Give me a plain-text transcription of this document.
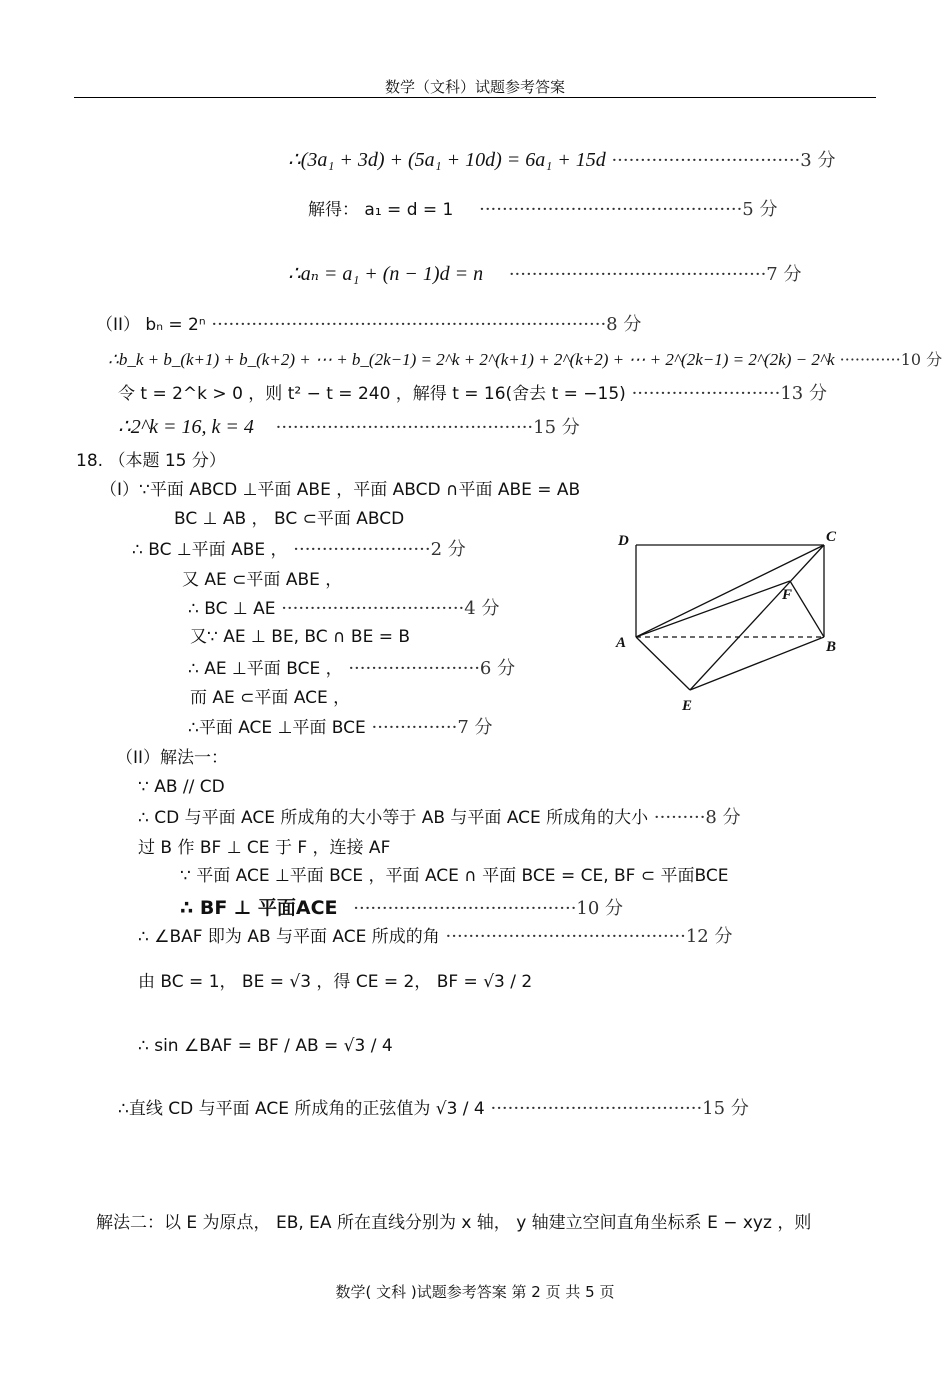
数学（文科）试题参考答案
∴(3a₁ + 3d) + (5a₁ + 10d) = 6a₁ + 15d ·································3 分
解得： a₁ = d = 1 ··············································5 分
∴aₙ = a₁ + (n − 1)d = n ·············································7 分
（II） bₙ = 2ⁿ ·····································································8 分
∴b_k + b_(k+1) + b_(k+2) + ⋯ + b_(2k−1) = 2^k + 2^(k+1) + 2^(k+2) + ⋯ + 2^(2k−1) = 2^(2k) − 2^k ············10 分
令 t = 2^k > 0 ，则 t² − t = 240 ，解得 t = 16(舍去 t = −15) ··························13 分
∴2^k = 16, k = 4 ·············································15 分
18. （本题 15 分）
（I）∵平面 ABCD ⊥平面 ABE ，平面 ABCD ∩平面 ABE = AB
BC ⊥ AB ， BC ⊂平面 ABCD
∴ BC ⊥平面 ABE ， ························2 分
又 AE ⊂平面 ABE ，
∴ BC ⊥ AE ································4 分
又∵ AE ⊥ BE, BC ∩ BE = B
∴ AE ⊥平面 BCE ， ·······················6 分
而 AE ⊂平面 ACE ，
∴平面 ACE ⊥平面 BCE ···············7 分
（II）解法一：
∵ AB // CD
∴ CD 与平面 ACE 所成角的大小等于 AB 与平面 ACE 所成角的大小 ·········8 分
过 B 作 BF ⊥ CE 于 F ，连接 AF
∵ 平面 ACE ⊥平面 BCE ，平面 ACE ∩ 平面 BCE = CE, BF ⊂ 平面BCE
∴ BF ⊥ 平面ACE ·······································10 分
∴ ∠BAF 即为 AB 与平面 ACE 所成的角 ··········································12 分
由 BC = 1， BE = √3 ，得 CE = 2， BF = √3 / 2
∴ sin ∠BAF = BF / AB = √3 / 4
∴直线 CD 与平面 ACE 所成角的正弦值为 √3 / 4 ·····································15 分
解法二：以 E 为原点， EB, EA 所在直线分别为 x 轴， y 轴建立空间直角坐标系 E − xyz ，则
D	C
A	B
E
F
数学( 文科 )试题参考答案 第 2 页 共 5 页
